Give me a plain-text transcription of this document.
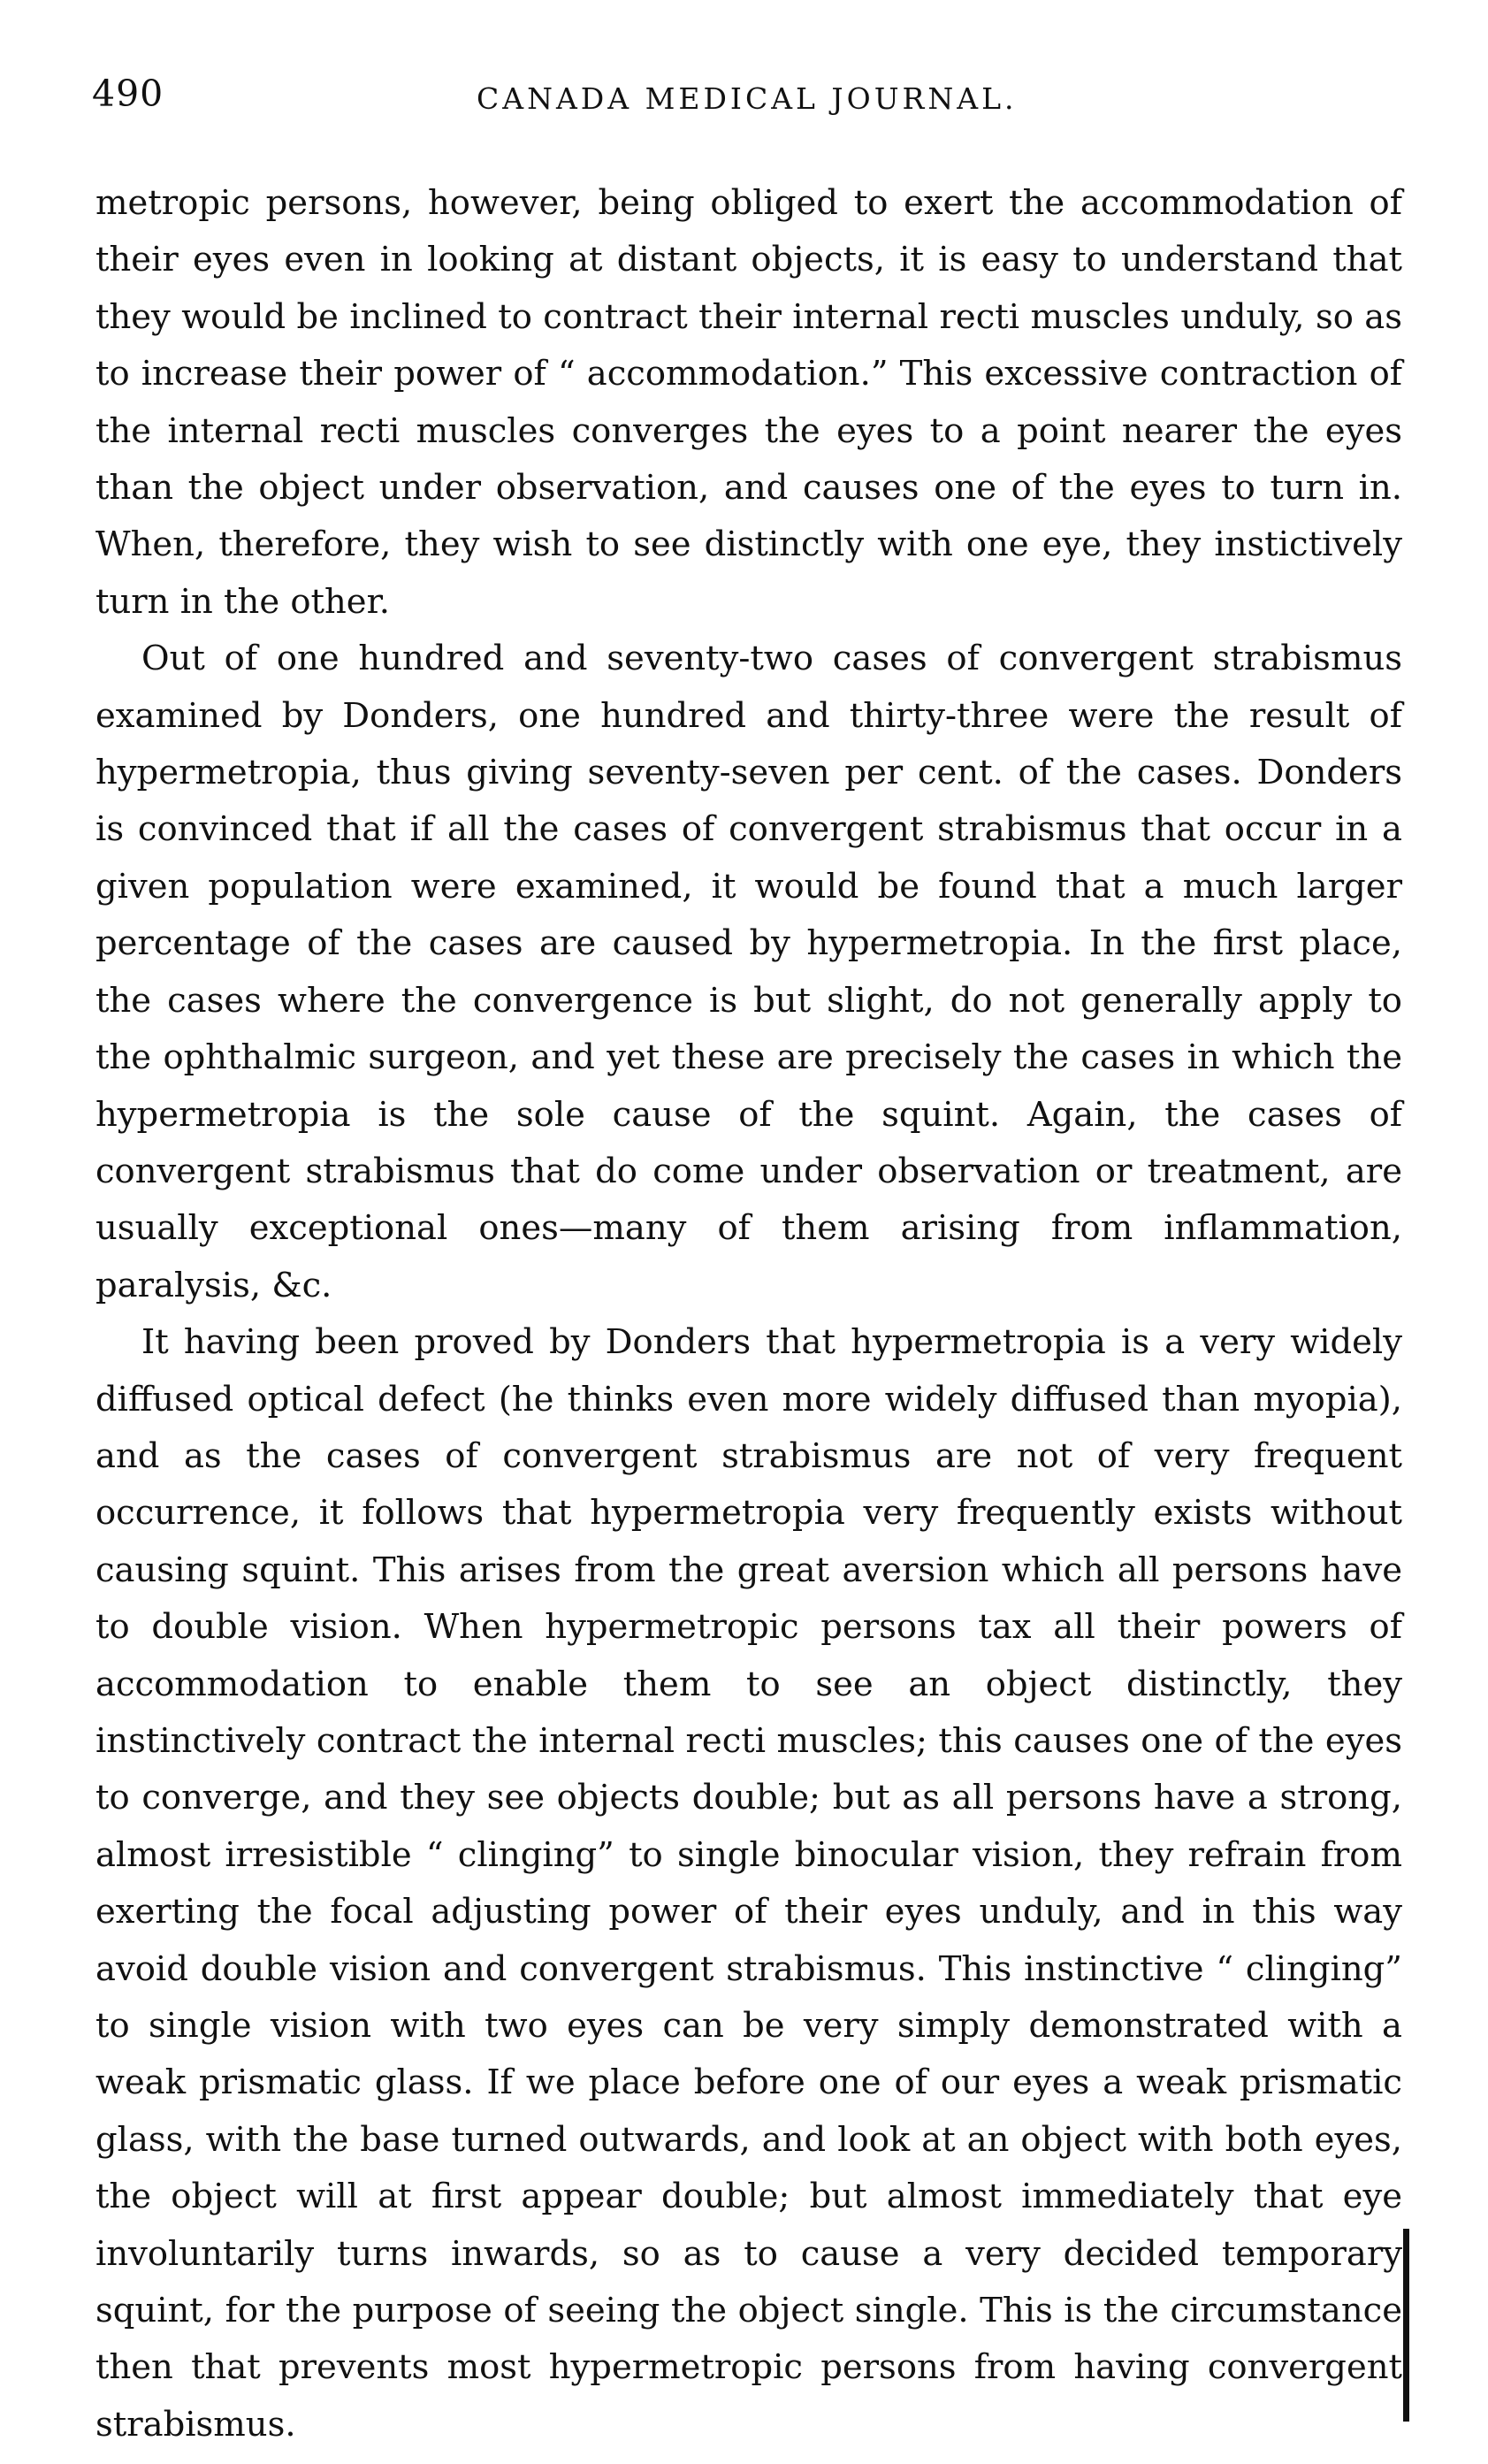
490	CANADA MEDICAL JOURNAL.

metropic persons, however, being obliged to exert the accommodation of their eyes even in looking at distant objects, it is easy to understand that they would be inclined to contract their internal recti muscles unduly, so as to increase their power of “ accommodation.” This excessive contraction of the internal recti muscles converges the eyes to a point nearer the eyes than the object under observation, and causes one of the eyes to turn in. When, therefore, they wish to see distinctly with one eye, they instictively turn in the other.

Out of one hundred and seventy-two cases of convergent strabismus examined by Donders, one hundred and thirty-three were the result of hypermetropia, thus giving seventy-seven per cent. of the cases. Donders is convinced that if all the cases of convergent strabismus that occur in a given population were examined, it would be found that a much larger percentage of the cases are caused by hypermetropia. In the first place, the cases where the convergence is but slight, do not generally apply to the ophthalmic surgeon, and yet these are precisely the cases in which the hypermetropia is the sole cause of the squint. Again, the cases of convergent strabismus that do come under observation or treatment, are usually exceptional ones—many of them arising from inflammation, paralysis, &c.

It having been proved by Donders that hypermetropia is a very widely diffused optical defect (he thinks even more widely diffused than myopia), and as the cases of convergent strabismus are not of very frequent occurrence, it follows that hypermetropia very frequently exists without causing squint. This arises from the great aversion which all persons have to double vision. When hypermetropic persons tax all their powers of accommodation to enable them to see an object distinctly, they instinctively contract the internal recti muscles; this causes one of the eyes to converge, and they see objects double; but as all persons have a strong, almost irresistible “ clinging” to single binocular vision, they refrain from exerting the focal adjusting power of their eyes unduly, and in this way avoid double vision and convergent strabismus. This instinctive “ clinging” to single vision with two eyes can be very simply demonstrated with a weak prismatic glass. If we place before one of our eyes a weak prismatic glass, with the base turned outwards, and look at an object with both eyes, the object will at first appear double; but almost immediately that eye involuntarily turns inwards, so as to cause a very decided temporary squint, for the purpose of seeing the object single. This is the circumstance then that prevents most hypermetropic persons from having convergent strabismus.
